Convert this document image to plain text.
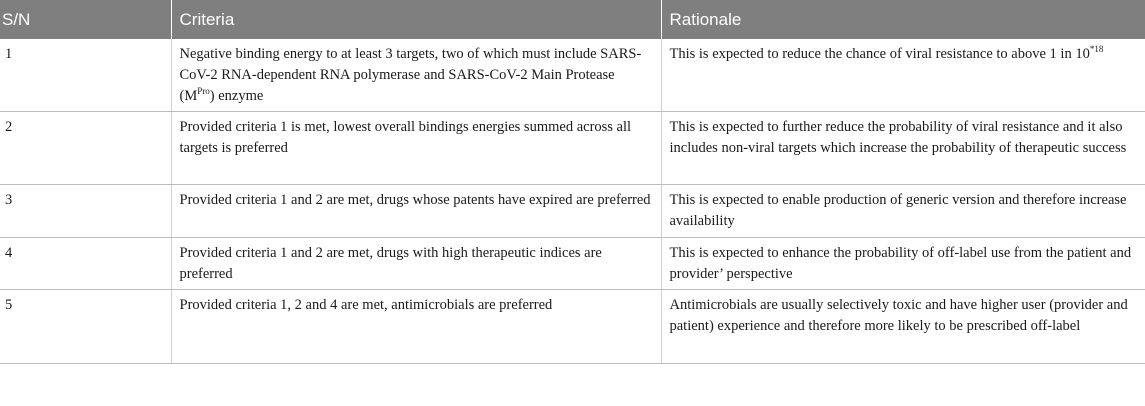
S/N	Criteria	Rationale
1	Negative binding energy to at least 3 targets, two of which must include SARS-CoV-2 RNA-dependent RNA polymerase and SARS-CoV-2 Main Protease $(M^{Pro})$ enzyme	This is expected to reduce the chance of viral resistance to above 1 in 10$^{*18}$
2	Provided criteria 1 is met, lowest overall bindings energies summed across all targets is preferred	This is expected to further reduce the probability of viral resistance and it also includes non-viral targets which increase the probability of therapeutic success
3	Provided criteria 1 and 2 are met, drugs whose patents have expired are preferred	This is expected to enable production of generic version and therefore increase availability
4	Provided criteria 1 and 2 are met, drugs with high therapeutic indices are preferred	This is expected to enhance the probability of off-label use from the patient and provider’ perspective
5	Provided criteria 1, 2 and 4 are met, antimicrobials are preferred	Antimicrobials are usually selectively toxic and have higher user (provider and patient) experience and therefore more likely to be prescribed off-label
